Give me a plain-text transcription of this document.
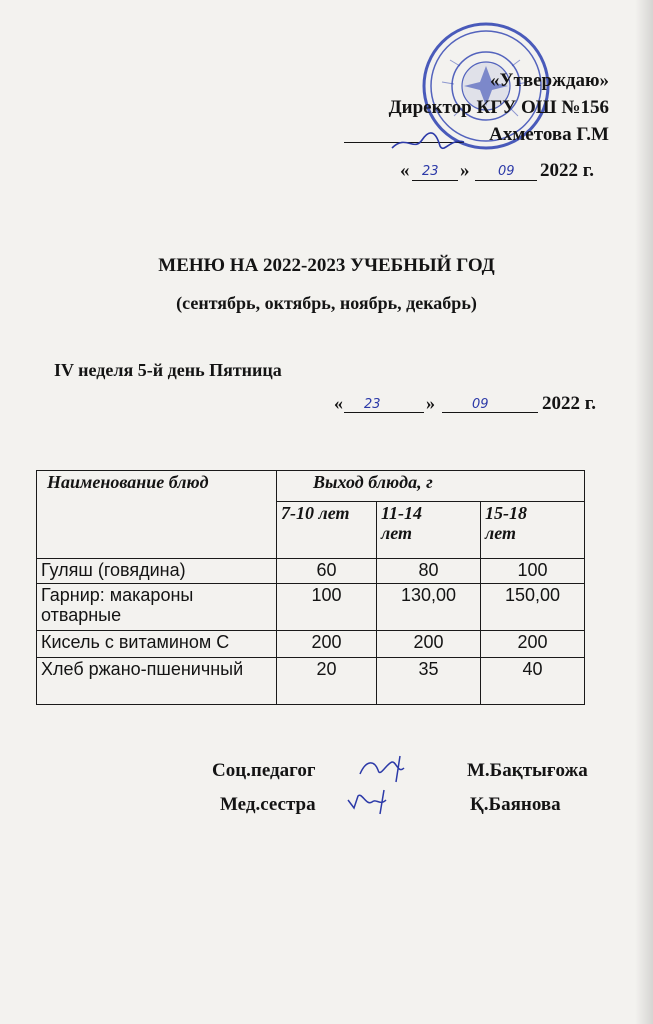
«Утверждаю»
Директор КГУ ОШ №156
Ахметова Г.М
« 23 » 09 2022 г.
МЕНЮ НА 2022-2023 УЧЕБНЫЙ ГОД
(сентябрь, октябрь, ноябрь, декабрь)
IV неделя 5-й день Пятница
« 23	»	09	2022 г.
Наименование блюд	Выход блюда, г		
	7-10 лет	11-14 лет	15-18 лет
Гуляш (говядина)	60	80	100
Гарнир: макароны отварные	100	130,00	150,00
Кисель с витамином С	200	200	200
Хлеб ржано-пшеничный	20	35	40
Соц.педагог	М.Бақтығожа
Мед.сестра	Қ.Баянова
